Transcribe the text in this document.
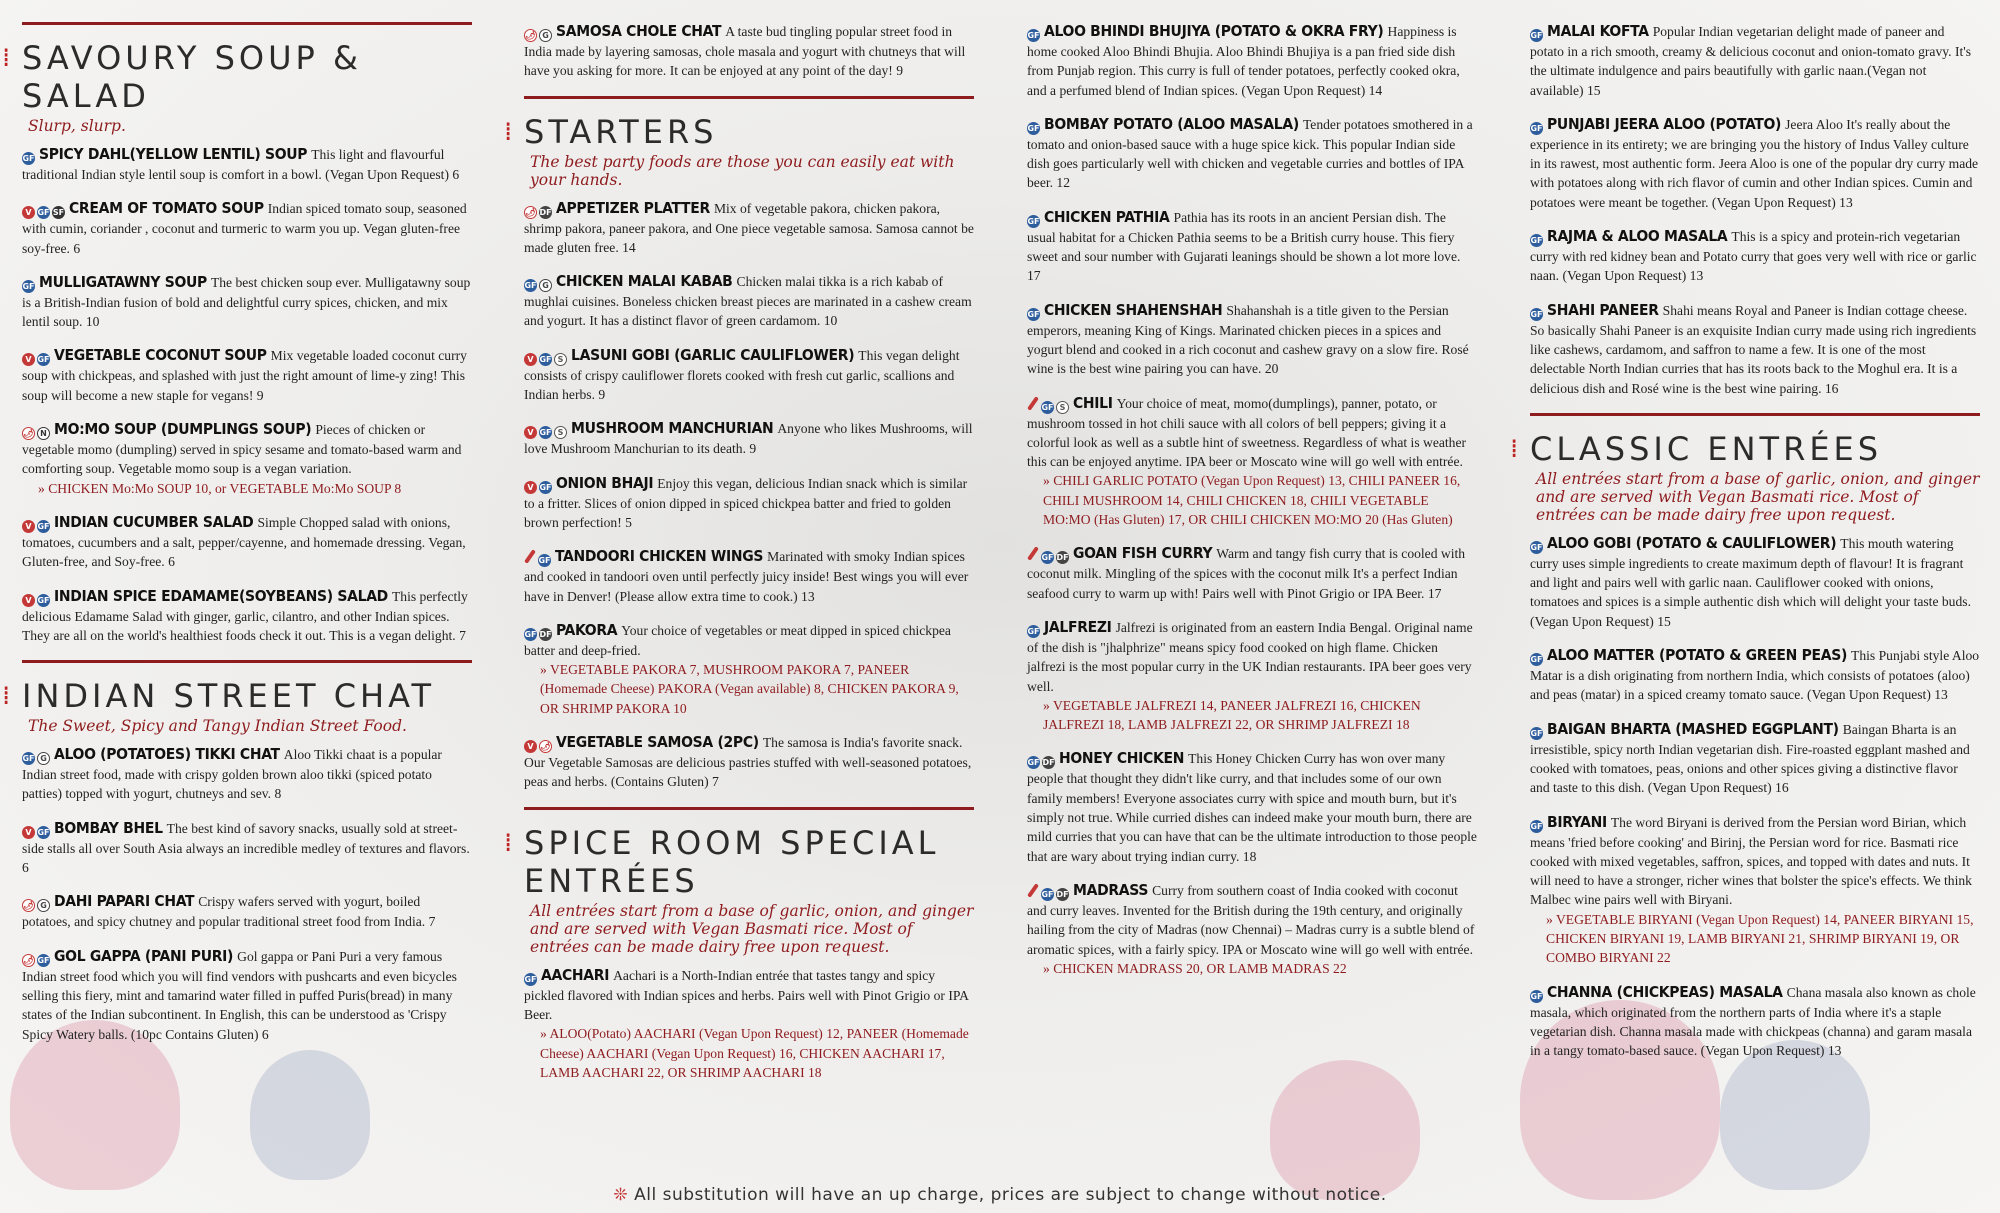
⁞ SAVOURY SOUP & SALAD
Slurp, slurp.
GF SPICY DAHL(YELLOW LENTIL) SOUP This light and flavourful traditional Indian style lentil soup is comfort in a bowl. (Vegan Upon Request) 6
V GF SF CREAM OF TOMATO SOUP Indian spiced tomato soup, seasoned with cumin, coriander , coconut and turmeric to warm you up. Vegan gluten-free soy-free. 6
GF MULLIGATAWNY SOUP The best chicken soup ever. Mulligatawny soup is a British-Indian fusion of bold and delightful curry spices, chicken, and mix lentil soup. 10
V GF VEGETABLE COCONUT SOUP Mix vegetable loaded coconut curry soup with chickpeas, and splashed with just the right amount of lime-y zing! This soup will become a new staple for vegans! 9
🌶 N MO:MO SOUP (DUMPLINGS SOUP) Pieces of chicken or vegetable momo (dumpling) served in spicy sesame and tomato-based warm and comforting soup. Vegetable momo soup is a vegan variation.
» CHICKEN Mo:Mo SOUP 10, or VEGETABLE Mo:Mo SOUP 8
V GF INDIAN CUCUMBER SALAD Simple Chopped salad with onions, tomatoes, cucumbers and a salt, pepper/cayenne, and homemade dressing. Vegan, Gluten-free, and Soy-free. 6
V GF INDIAN SPICE EDAMAME(SOYBEANS) SALAD This perfectly delicious Edamame Salad with ginger, garlic, cilantro, and other Indian spices. They are all on the world's healthiest foods check it out. This is a vegan delight. 7
⁞ INDIAN STREET CHAT
The Sweet, Spicy and Tangy Indian Street Food.
GF G ALOO (POTATOES) TIKKI CHAT Aloo Tikki chaat is a popular Indian street food, made with crispy golden brown aloo tikki (spiced potato patties) topped with yogurt, chutneys and sev. 8
V GF BOMBAY BHEL The best kind of savory snacks, usually sold at street-side stalls all over South Asia always an incredible medley of textures and flavors. 6
🌶 G DAHI PAPARI CHAT Crispy wafers served with yogurt, boiled potatoes, and spicy chutney and popular traditional street food from India. 7
🌶 GF GOL GAPPA (PANI PURI) Gol gappa or Pani Puri a very famous Indian street food which you will find vendors with pushcarts and even bicycles selling this fiery, mint and tamarind water filled in puffed Puris(bread) in many states of the Indian subcontinent. In English, this can be understood as 'Crispy Spicy Watery balls. (10pc Contains Gluten) 6
🌶 G SAMOSA CHOLE CHAT A taste bud tingling popular street food in India made by layering samosas, chole masala and yogurt with chutneys that will have you asking for more. It can be enjoyed at any point of the day! 9
⁞ STARTERS
The best party foods are those you can easily eat with your hands.
🌶 DF APPETIZER PLATTER Mix of vegetable pakora, chicken pakora, shrimp pakora, paneer pakora, and One piece vegetable samosa. Samosa cannot be made gluten free. 14
GF G CHICKEN MALAI KABAB Chicken malai tikka is a rich kabab of mughlai cuisines. Boneless chicken breast pieces are marinated in a cashew cream and yogurt. It has a distinct flavor of green cardamom. 10
V GF S LASUNI GOBI (GARLIC CAULIFLOWER) This vegan delight consists of crispy cauliflower florets cooked with fresh cut garlic, scallions and Indian herbs. 9
V GF S MUSHROOM MANCHURIAN Anyone who likes Mushrooms, will love Mushroom Manchurian to its death. 9
V GF ONION BHAJI Enjoy this vegan, delicious Indian snack which is similar to a fritter. Slices of onion dipped in spiced chickpea batter and fried to golden brown perfection! 5
GF TANDOORI CHICKEN WINGS Marinated with smoky Indian spices and cooked in tandoori oven until perfectly juicy inside! Best wings you will ever have in Denver! (Please allow extra time to cook.) 13
GF DF PAKORA Your choice of vegetables or meat dipped in spiced chickpea batter and deep-fried.
» VEGETABLE PAKORA 7, MUSHROOM PAKORA 7, PANEER (Homemade Cheese) PAKORA (Vegan available) 8, CHICKEN PAKORA 9, OR SHRIMP PAKORA 10
V 🌶 VEGETABLE SAMOSA (2PC) The samosa is India's favorite snack. Our Vegetable Samosas are delicious pastries stuffed with well-seasoned potatoes, peas and herbs. (Contains Gluten) 7
⁞ SPICE ROOM SPECIAL ENTRÉES
All entrées start from a base of garlic, onion, and ginger and are served with Vegan Basmati rice. Most of entrées can be made dairy free upon request.
GF AACHARI Aachari is a North-Indian entrée that tastes tangy and spicy pickled flavored with Indian spices and herbs. Pairs well with Pinot Grigio or IPA Beer.
» ALOO(Potato) AACHARI (Vegan Upon Request) 12, PANEER (Homemade Cheese) AACHARI (Vegan Upon Request) 16, CHICKEN AACHARI 17, LAMB AACHARI 22, OR SHRIMP AACHARI 18
GF ALOO BHINDI BHUJIYA (POTATO & OKRA FRY) Happiness is home cooked Aloo Bhindi Bhujia. Aloo Bhindi Bhujiya is a pan fried side dish from Punjab region. This curry is full of tender potatoes, perfectly cooked okra, and a perfumed blend of Indian spices. (Vegan Upon Request) 14
GF BOMBAY POTATO (ALOO MASALA) Tender potatoes smothered in a tomato and onion-based sauce with a huge spice kick. This popular Indian side dish goes particularly well with chicken and vegetable curries and bottles of IPA beer. 12
GF CHICKEN PATHIA Pathia has its roots in an ancient Persian dish. The usual habitat for a Chicken Pathia seems to be a British curry house. This fiery sweet and sour number with Gujarati leanings should be shown a lot more love. 17
GF CHICKEN SHAHENSHAH Shahanshah is a title given to the Persian emperors, meaning King of Kings. Marinated chicken pieces in a spices and yogurt blend and cooked in a rich coconut and cashew gravy on a slow fire. Rosé wine is the best wine pairing you can have. 20
GF S CHILI Your choice of meat, momo(dumplings), panner, potato, or mushroom tossed in hot chili sauce with all colors of bell peppers; giving it a colorful look as well as a subtle hint of sweetness. Regardless of what is weather this can be enjoyed anytime. IPA beer or Moscato wine will go well with entrée.
» CHILI GARLIC POTATO (Vegan Upon Request) 13, CHILI PANEER 16, CHILI MUSHROOM 14, CHILI CHICKEN 18, CHILI VEGETABLE MO:MO (Has Gluten) 17, OR CHILI CHICKEN MO:MO 20 (Has Gluten)
GF DF GOAN FISH CURRY Warm and tangy fish curry that is cooled with coconut milk. Mingling of the spices with the coconut milk It's a perfect Indian seafood curry to warm up with! Pairs well with Pinot Grigio or IPA Beer. 17
GF JALFREZI Jalfrezi is originated from an eastern India Bengal. Original name of the dish is "jhalphrize" means spicy food cooked on high flame. Chicken jalfrezi is the most popular curry in the UK Indian restaurants. IPA beer goes very well.
» VEGETABLE JALFREZI 14, PANEER JALFREZI 16, CHICKEN JALFREZI 18, LAMB JALFREZI 22, OR SHRIMP JALFREZI 18
GF DF HONEY CHICKEN This Honey Chicken Curry has won over many people that thought they didn't like curry, and that includes some of our own family members! Everyone associates curry with spice and mouth burn, but it's simply not true. While curried dishes can indeed make your mouth burn, there are mild curries that you can have that can be the ultimate introduction to those people that are wary about trying indian curry. 18
GF DF MADRASS Curry from southern coast of India cooked with coconut and curry leaves. Invented for the British during the 19th century, and originally hailing from the city of Madras (now Chennai) – Madras curry is a subtle blend of aromatic spices, with a fairly spicy. IPA or Moscato wine will go well with entrée.
» CHICKEN MADRASS 20, OR LAMB MADRAS 22
GF MALAI KOFTA Popular Indian vegetarian delight made of paneer and potato in a rich smooth, creamy & delicious coconut and onion-tomato gravy. It's the ultimate indulgence and pairs beautifully with garlic naan.(Vegan not available) 15
GF PUNJABI JEERA ALOO (POTATO) Jeera Aloo It's really about the experience in its entirety; we are bringing you the history of Indus Valley culture in its rawest, most authentic form. Jeera Aloo is one of the popular dry curry made with potatoes along with rich flavor of cumin and other Indian spices. Cumin and potatoes were meant be together. (Vegan Upon Request) 13
GF RAJMA & ALOO MASALA This is a spicy and protein-rich vegetarian curry with red kidney bean and Potato curry that goes very well with rice or garlic naan. (Vegan Upon Request) 13
GF SHAHI PANEER Shahi means Royal and Paneer is Indian cottage cheese. So basically Shahi Paneer is an exquisite Indian curry made using rich ingredients like cashews, cardamom, and saffron to name a few. It is one of the most delectable North Indian curries that has its roots back to the Moghul era. It is a delicious dish and Rosé wine is the best wine pairing. 16
⁞ CLASSIC ENTRÉES
All entrées start from a base of garlic, onion, and ginger and are served with Vegan Basmati rice. Most of entrées can be made dairy free upon request.
GF ALOO GOBI (POTATO & CAULIFLOWER) This mouth watering curry uses simple ingredients to create maximum depth of flavour! It is fragrant and light and pairs well with garlic naan. Cauliflower cooked with onions, tomatoes and spices is a simple authentic dish which will delight your taste buds. (Vegan Upon Request) 15
GF ALOO MATTER (POTATO & GREEN PEAS) This Punjabi style Aloo Matar is a dish originating from northern India, which consists of potatoes (aloo) and peas (matar) in a spiced creamy tomato sauce. (Vegan Upon Request) 13
GF BAIGAN BHARTA (MASHED EGGPLANT) Baingan Bharta is an irresistible, spicy north Indian vegetarian dish. Fire-roasted eggplant mashed and cooked with tomatoes, peas, onions and other spices giving a distinctive flavor and taste to this dish. (Vegan Upon Request) 16
GF BIRYANI The word Biryani is derived from the Persian word Birian, which means 'fried before cooking' and Birinj, the Persian word for rice. Basmati rice cooked with mixed vegetables, saffron, spices, and topped with dates and nuts. It will need to have a stronger, richer wines that bolster the spice's effects. We think Malbec wine pairs well with Biryani.
» VEGETABLE BIRYANI (Vegan Upon Request) 14, PANEER BIRYANI 15, CHICKEN BIRYANI 19, LAMB BIRYANI 21, SHRIMP BIRYANI 19, OR COMBO BIRYANI 22
GF CHANNA (CHICKPEAS) MASALA Chana masala also known as chole masala, which originated from the northern parts of India where it's a staple vegetarian dish. Channa masala made with chickpeas (channa) and garam masala in a tangy tomato-based sauce. (Vegan Upon Request) 13
❊ All substitution will have an up charge, prices are subject to change without notice.
